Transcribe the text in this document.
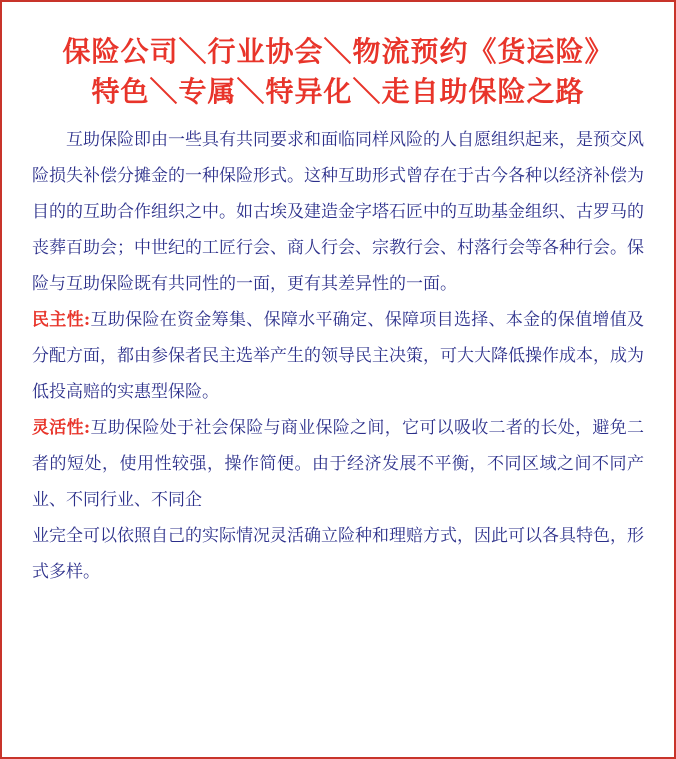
保险公司＼行业协会＼物流预约《货运险》
特色＼专属＼特异化＼走自助保险之路

互助保险即由一些具有共同要求和面临同样风险的人自愿组织起来，是预交风险损失补偿分摊金的一种保险形式。这种互助形式曾存在于古今各种以经济补偿为目的的互助合作组织之中。如古埃及建造金字塔石匠中的互助基金组织、古罗马的丧葬百助会；中世纪的工匠行会、商人行会、宗教行会、村落行会等各种行会。保险与互助保险既有共同性的一面，更有其差异性的一面。

民主性:互助保险在资金筹集、保障水平确定、保障项目选择、本金的保值增值及分配方面，都由参保者民主选举产生的领导民主决策，可大大降低操作成本，成为低投高赔的实惠型保险。

灵活性:互助保险处于社会保险与商业保险之间，它可以吸收二者的长处，避免二者的短处，使用性较强，操作简便。由于经济发展不平衡，不同区域之间不同产业、不同行业、不同企

业完全可以依照自己的实际情况灵活确立险种和理赔方式，因此可以各具特色，形式多样。
